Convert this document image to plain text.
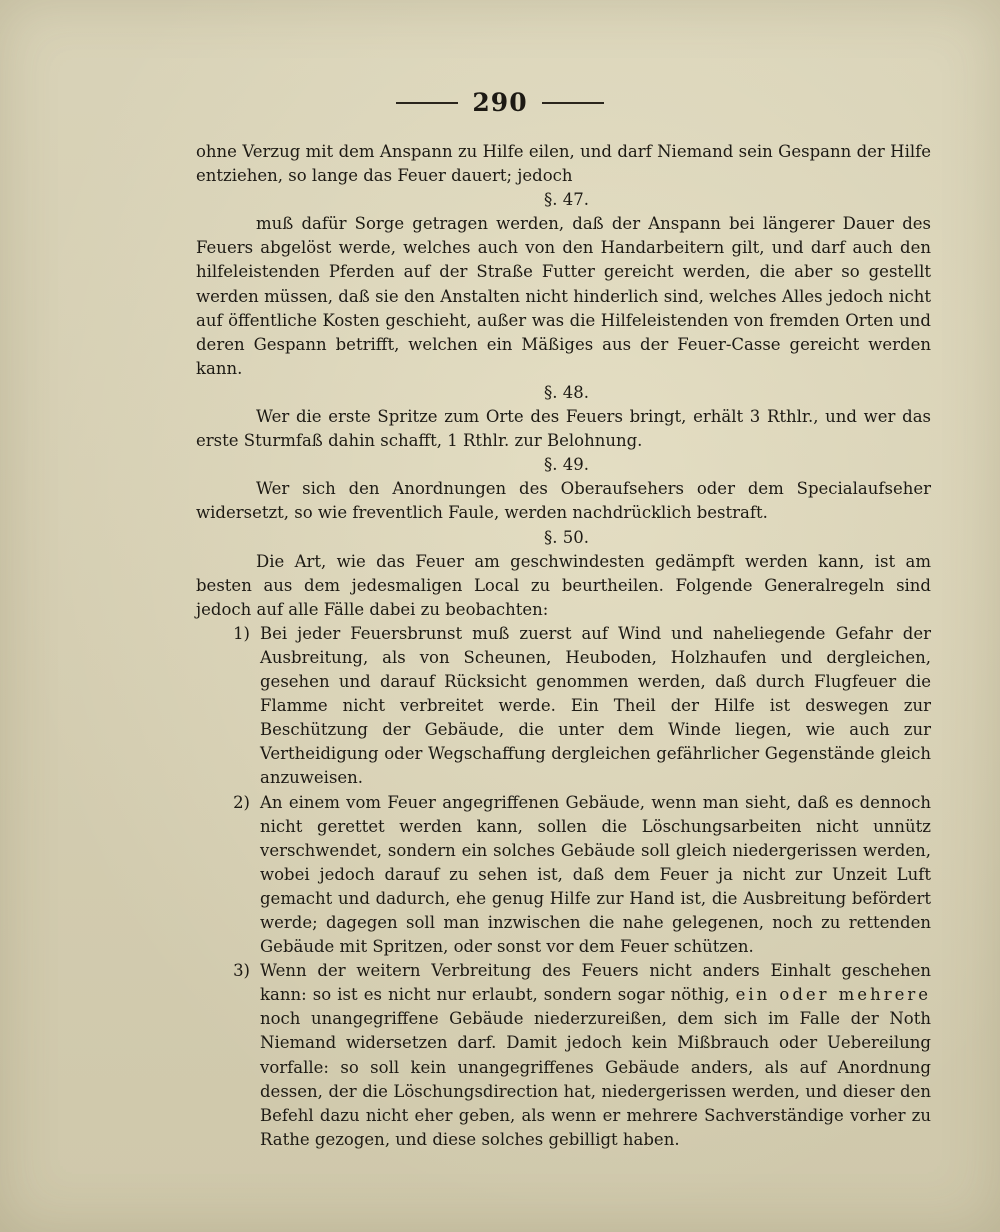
290

ohne Verzug mit dem Anspann zu Hilfe eilen, und darf Niemand sein Gespann der Hilfe entziehen, so lange das Feuer dauert; jedoch

§. 47.

muß dafür Sorge getragen werden, daß der Anspann bei längerer Dauer des Feuers abgelöst werde, welches auch von den Handarbeitern gilt, und darf auch den hilfeleistenden Pferden auf der Straße Futter gereicht werden, die aber so gestellt werden müssen, daß sie den Anstalten nicht hinderlich sind, welches Alles jedoch nicht auf öffentliche Kosten geschieht, außer was die Hilfeleistenden von fremden Orten und deren Gespann betrifft, welchen ein Mäßiges aus der Feuer-Casse gereicht werden kann.

§. 48.

Wer die erste Spritze zum Orte des Feuers bringt, erhält 3 Rthlr., und wer das erste Sturmfaß dahin schafft, 1 Rthlr. zur Belohnung.

§. 49.

Wer sich den Anordnungen des Oberaufsehers oder dem Specialaufseher widersetzt, so wie freventlich Faule, werden nachdrücklich bestraft.

§. 50.

Die Art, wie das Feuer am geschwindesten gedämpft werden kann, ist am besten aus dem jedesmaligen Local zu beurtheilen. Folgende Generalregeln sind jedoch auf alle Fälle dabei zu beobachten:

1) Bei jeder Feuersbrunst muß zuerst auf Wind und naheliegende Gefahr der Ausbreitung, als von Scheunen, Heuboden, Holzhaufen und dergleichen, gesehen und darauf Rücksicht genommen werden, daß durch Flugfeuer die Flamme nicht verbreitet werde. Ein Theil der Hilfe ist deswegen zur Beschützung der Gebäude, die unter dem Winde liegen, wie auch zur Vertheidigung oder Wegschaffung dergleichen gefährlicher Gegenstände gleich anzuweisen.
2) An einem vom Feuer angegriffenen Gebäude, wenn man sieht, daß es dennoch nicht gerettet werden kann, sollen die Löschungsarbeiten nicht unnütz verschwendet, sondern ein solches Gebäude soll gleich niedergerissen werden, wobei jedoch darauf zu sehen ist, daß dem Feuer ja nicht zur Unzeit Luft gemacht und dadurch, ehe genug Hilfe zur Hand ist, die Ausbreitung befördert werde; dagegen soll man inzwischen die nahe gelegenen, noch zu rettenden Gebäude mit Spritzen, oder sonst vor dem Feuer schützen.
3) Wenn der weitern Verbreitung des Feuers nicht anders Einhalt geschehen kann: so ist es nicht nur erlaubt, sondern sogar nöthig, ein oder mehrere noch unangegriffene Gebäude niederzureißen, dem sich im Falle der Noth Niemand widersetzen darf. Damit jedoch kein Mißbrauch oder Uebereilung vorfalle: so soll kein unangegriffenes Gebäude anders, als auf Anordnung dessen, der die Löschungsdirection hat, niedergerissen werden, und dieser den Befehl dazu nicht eher geben, als wenn er mehrere Sachverständige vorher zu Rathe gezogen, und diese solches gebilligt haben.
